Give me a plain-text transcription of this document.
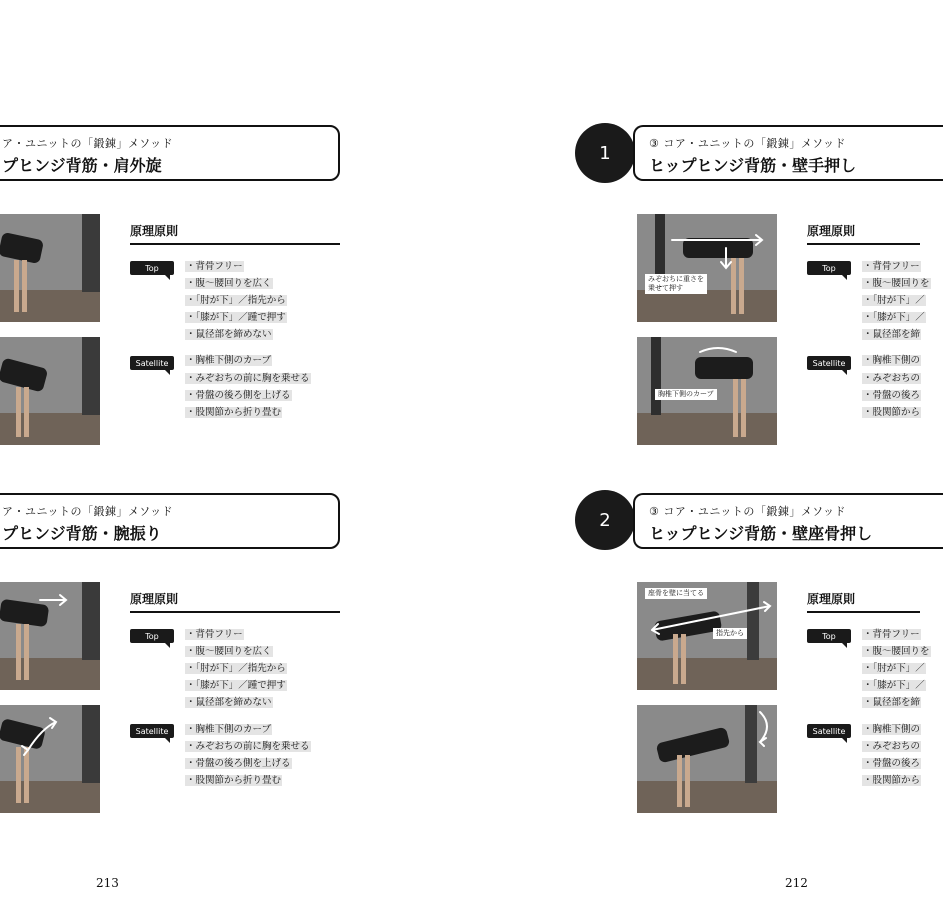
ア・ユニットの「鍛錬」メソッド
プヒンジ背筋・肩外旋
原理原則
Top	・背骨フリー
・腹〜腰回りを広く
・「肘が下」／指先から
・「膝が下」／踵で押す
・鼠径部を締めない
Satellite	・胸椎下側のカーブ
・みぞおちの前に胸を乗せる
・骨盤の後ろ側を上げる
・股関節から折り畳む
ア・ユニットの「鍛錬」メソッド
プヒンジ背筋・腕振り
原理原則
Top	・背骨フリー
・腹〜腰回りを広く
・「肘が下」／指先から
・「膝が下」／踵で押す
・鼠径部を締めない
Satellite	・胸椎下側のカーブ
・みぞおちの前に胸を乗せる
・骨盤の後ろ側を上げる
・股関節から折り畳む
213
1	③ コア・ユニットの「鍛錬」メソッド
ヒップヒンジ背筋・壁手押し
みぞおちに重さを
乗せて押す
胸椎下側のカーブ
原理原則
Top	・背骨フリー
・腹〜腰回りを
・「肘が下」／
・「膝が下」／
・鼠径部を締
Satellite	・胸椎下側の
・みぞおちの
・骨盤の後ろ
・股関節から
2	③ コア・ユニットの「鍛錬」メソッド
ヒップヒンジ背筋・壁座骨押し
座骨を壁に当てる
指先から
原理原則
Top	・背骨フリー
・腹〜腰回りを
・「肘が下」／
・「膝が下」／
・鼠径部を締
Satellite	・胸椎下側の
・みぞおちの
・骨盤の後ろ
・股関節から
212
